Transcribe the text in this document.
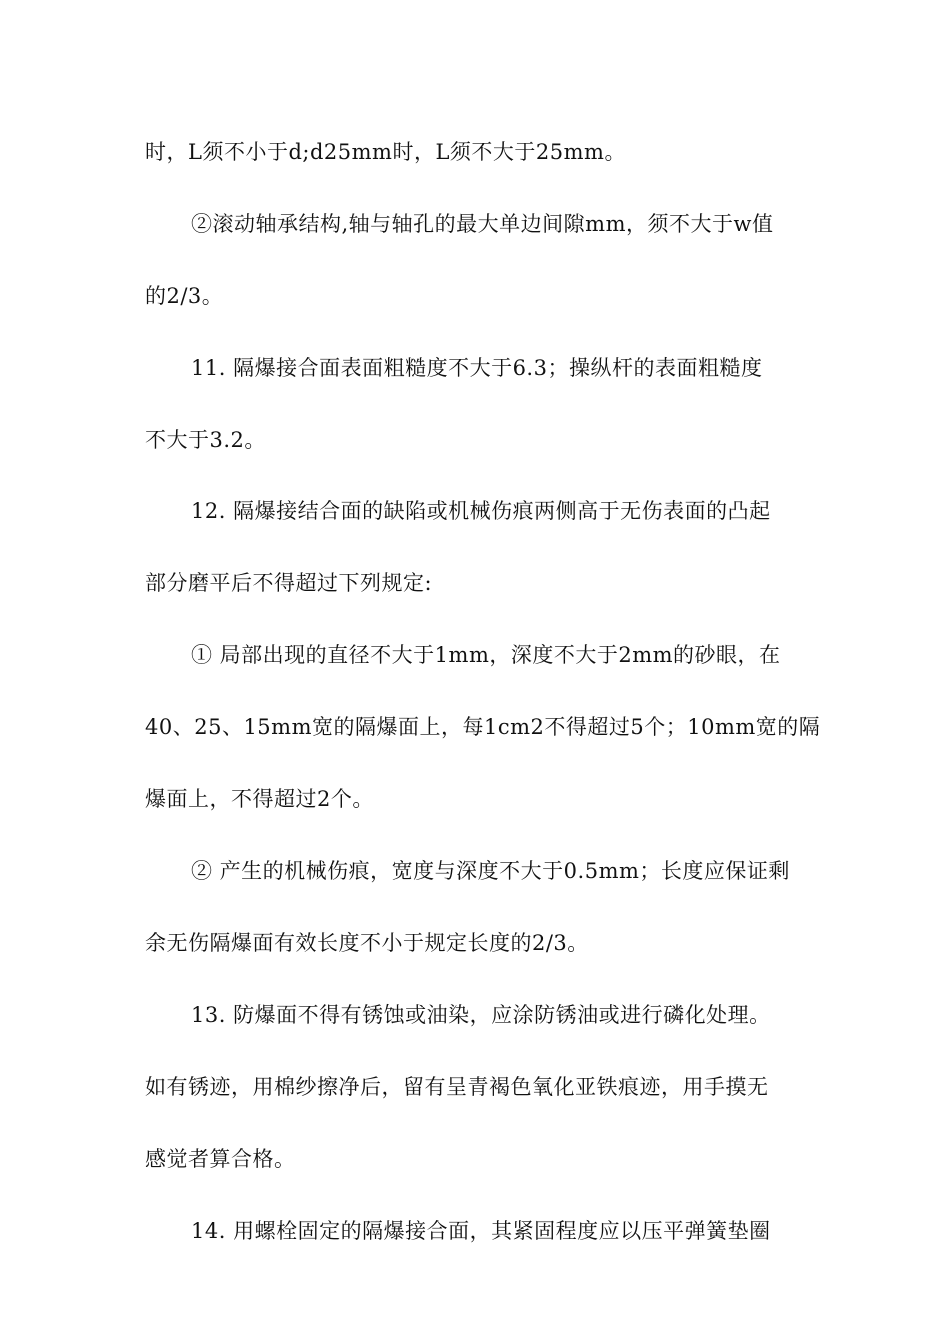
时，L须不小于d;d25mm时，L须不大于25mm。
②滚动轴承结构,轴与轴孔的最大单边间隙mm，须不大于w值
的2/3。
11. 隔爆接合面表面粗糙度不大于6.3；操纵杆的表面粗糙度
不大于3.2。
12. 隔爆接结合面的缺陷或机械伤痕两侧高于无伤表面的凸起
部分磨平后不得超过下列规定:
① 局部出现的直径不大于1mm，深度不大于2mm的砂眼，在
40、25、15mm宽的隔爆面上，每1cm2不得超过5个；10mm宽的隔
爆面上，不得超过2个。
② 产生的机械伤痕，宽度与深度不大于0.5mm；长度应保证剩
余无伤隔爆面有效长度不小于规定长度的2/3。
13. 防爆面不得有锈蚀或油染，应涂防锈油或进行磷化处理。
如有锈迹，用棉纱擦净后，留有呈青褐色氧化亚铁痕迹，用手摸无
感觉者算合格。
14. 用螺栓固定的隔爆接合面，其紧固程度应以压平弹簧垫圈
